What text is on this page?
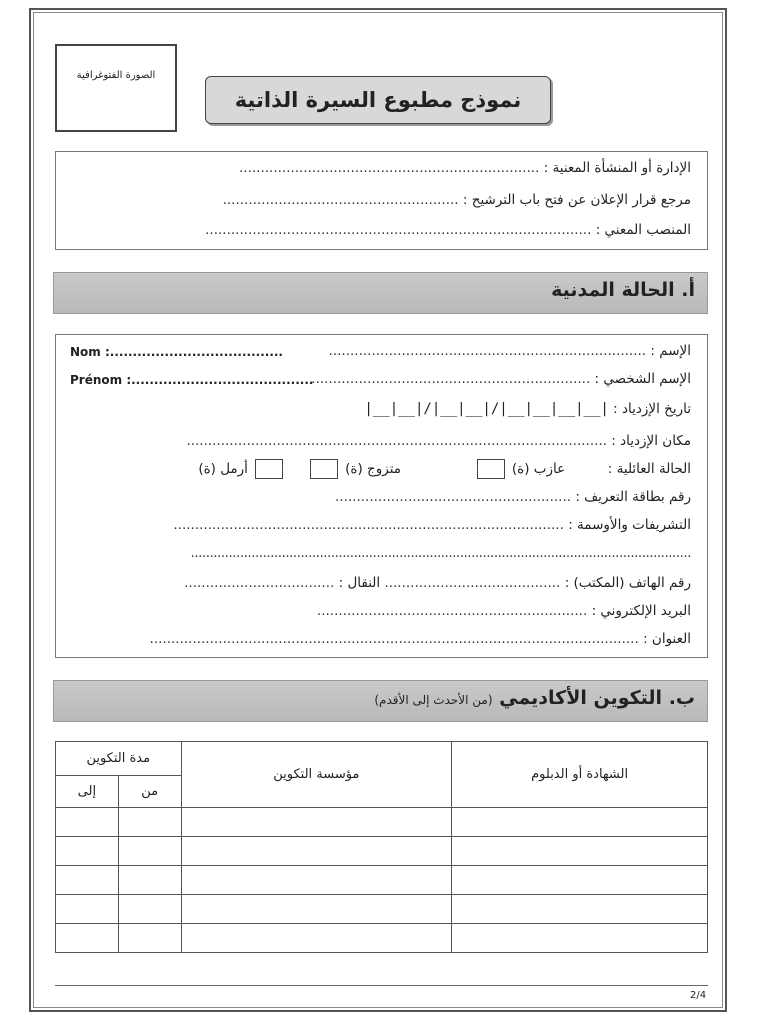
الصورة الفتوغرافية
نموذج مطبوع السيرة الذاتية
الإدارة أو المنشأة المعنية : ......................................................................
مرجع قرار الإعلان عن فتح باب الترشيح : .......................................................
المنصب المعني : ..........................................................................................
أ. الحالة المدنية
الإسم : ..........................................................................
Nom :......................................
الإسم الشخصي : .................................................................
Prénom :........................................
تاريخ الإزدياد : |__|__|/|__|__|/|__|__|__|__|
مكان الإزدياد : ..................................................................................................
الحالة العائلية :  عازب (ة)   متزوج (ة)    أرمل (ة)
رقم بطاقة التعريف : .......................................................
التشريفات والأوسمة : ...........................................................................................
....................................................................................................................................
رقم الهاتف (المكتب) : ......................................... النقال : ...................................
البريد الإلكتروني : ...............................................................
العنوان : ..................................................................................................................
ب. التكوين الأكاديمي (من الأحدث إلى الأقدم)
الشهادة أو الدبلوم	مؤسسة التكوين	مدة التكوين	
		من	إلى

2/4
